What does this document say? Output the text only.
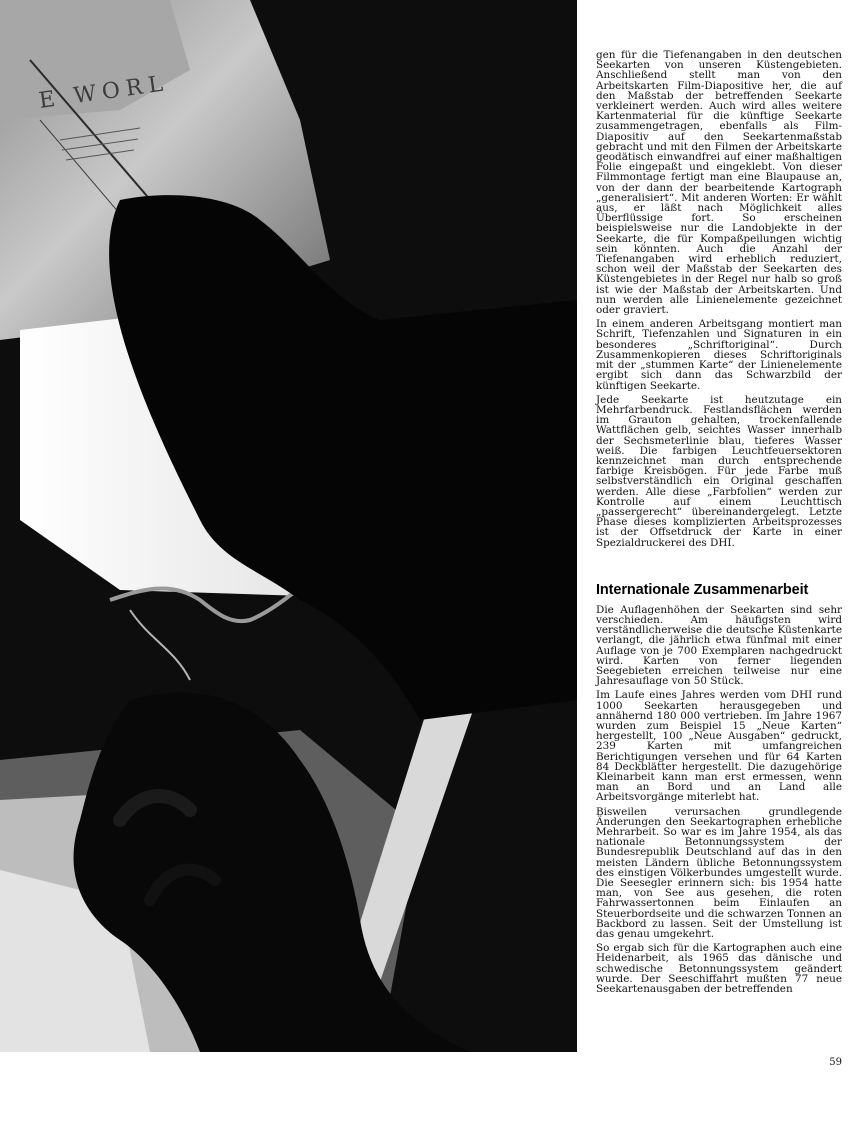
E WORL

gen für die Tiefenangaben in den deutschen Seekarten von unseren Küstengebieten. Anschließend stellt man von den Arbeitskarten Film-Diapositive her, die auf den Maßstab der betreffenden Seekarte verkleinert werden. Auch wird alles weitere Kartenmaterial für die künftige Seekarte zusammengetragen, ebenfalls als Film-Diapositiv auf den Seekartenmaßstab gebracht und mit den Filmen der Arbeitskarte geodätisch einwandfrei auf einer maßhaltigen Folie eingepaßt und eingeklebt. Von dieser Filmmontage fertigt man eine Blaupause an, von der dann der bearbeitende Kartograph „generalisiert“. Mit anderen Worten: Er wählt aus, er läßt nach Möglichkeit alles Überflüssige fort. So erscheinen beispielsweise nur die Landobjekte in der Seekarte, die für Kompaßpeilungen wichtig sein könnten. Auch die Anzahl der Tiefenangaben wird erheblich reduziert, schon weil der Maßstab der Seekarten des Küstengebietes in der Regel nur halb so groß ist wie der Maßstab der Arbeitskarten. Und nun werden alle Linienelemente gezeichnet oder graviert.

In einem anderen Arbeitsgang montiert man Schrift, Tiefenzahlen und Signaturen in ein besonderes „Schriftoriginal“. Durch Zusammenkopieren dieses Schriftoriginals mit der „stummen Karte“ der Linienelemente ergibt sich dann das Schwarzbild der künftigen Seekarte.

Jede Seekarte ist heutzutage ein Mehrfarbendruck. Festlandsflächen werden im Grauton gehalten, trockenfallende Wattflächen gelb, seichtes Wasser innerhalb der Sechsmeterlinie blau, tieferes Wasser weiß. Die farbigen Leuchtfeuersektoren kennzeichnet man durch entsprechende farbige Kreisbögen. Für jede Farbe muß selbstverständlich ein Original geschaffen werden. Alle diese „Farbfolien“ werden zur Kontrolle auf einem Leuchttisch „passergerecht“ übereinandergelegt. Letzte Phase dieses komplizierten Arbeitsprozesses ist der Offsetdruck der Karte in einer Spezialdruckerei des DHI.

Internationale Zusammenarbeit

Die Auflagenhöhen der Seekarten sind sehr verschieden. Am häufigsten wird verständlicherweise die deutsche Küstenkarte verlangt, die jährlich etwa fünfmal mit einer Auflage von je 700 Exemplaren nachgedruckt wird. Karten von ferner liegenden Seegebieten erreichen teilweise nur eine Jahresauflage von 50 Stück.

Im Laufe eines Jahres werden vom DHI rund 1000 Seekarten herausgegeben und annähernd 180 000 vertrieben. Im Jahre 1967 wurden zum Beispiel 15 „Neue Karten“ hergestellt, 100 „Neue Ausgaben“ gedruckt, 239 Karten mit umfangreichen Berichtigungen versehen und für 64 Karten 84 Deckblätter hergestellt. Die dazugehörige Kleinarbeit kann man erst ermessen, wenn man an Bord und an Land alle Arbeitsvorgänge miterlebt hat.

Bisweilen verursachen grundlegende Änderungen den Seekartographen erhebliche Mehrarbeit. So war es im Jahre 1954, als das nationale Betonnungssystem der Bundesrepublik Deutschland auf das in den meisten Ländern übliche Betonnungssystem des einstigen Völkerbundes umgestellt wurde. Die Seesegler erinnern sich: bis 1954 hatte man, von See aus gesehen, die roten Fahrwassertonnen beim Einlaufen an Steuerbordseite und die schwarzen Tonnen an Backbord zu lassen. Seit der Umstellung ist das genau umgekehrt.

So ergab sich für die Kartographen auch eine Heidenarbeit, als 1965 das dänische und schwedische Betonnungssystem geändert wurde. Der Seeschiffahrt mußten 77 neue Seekartenausgaben der betreffenden

59
